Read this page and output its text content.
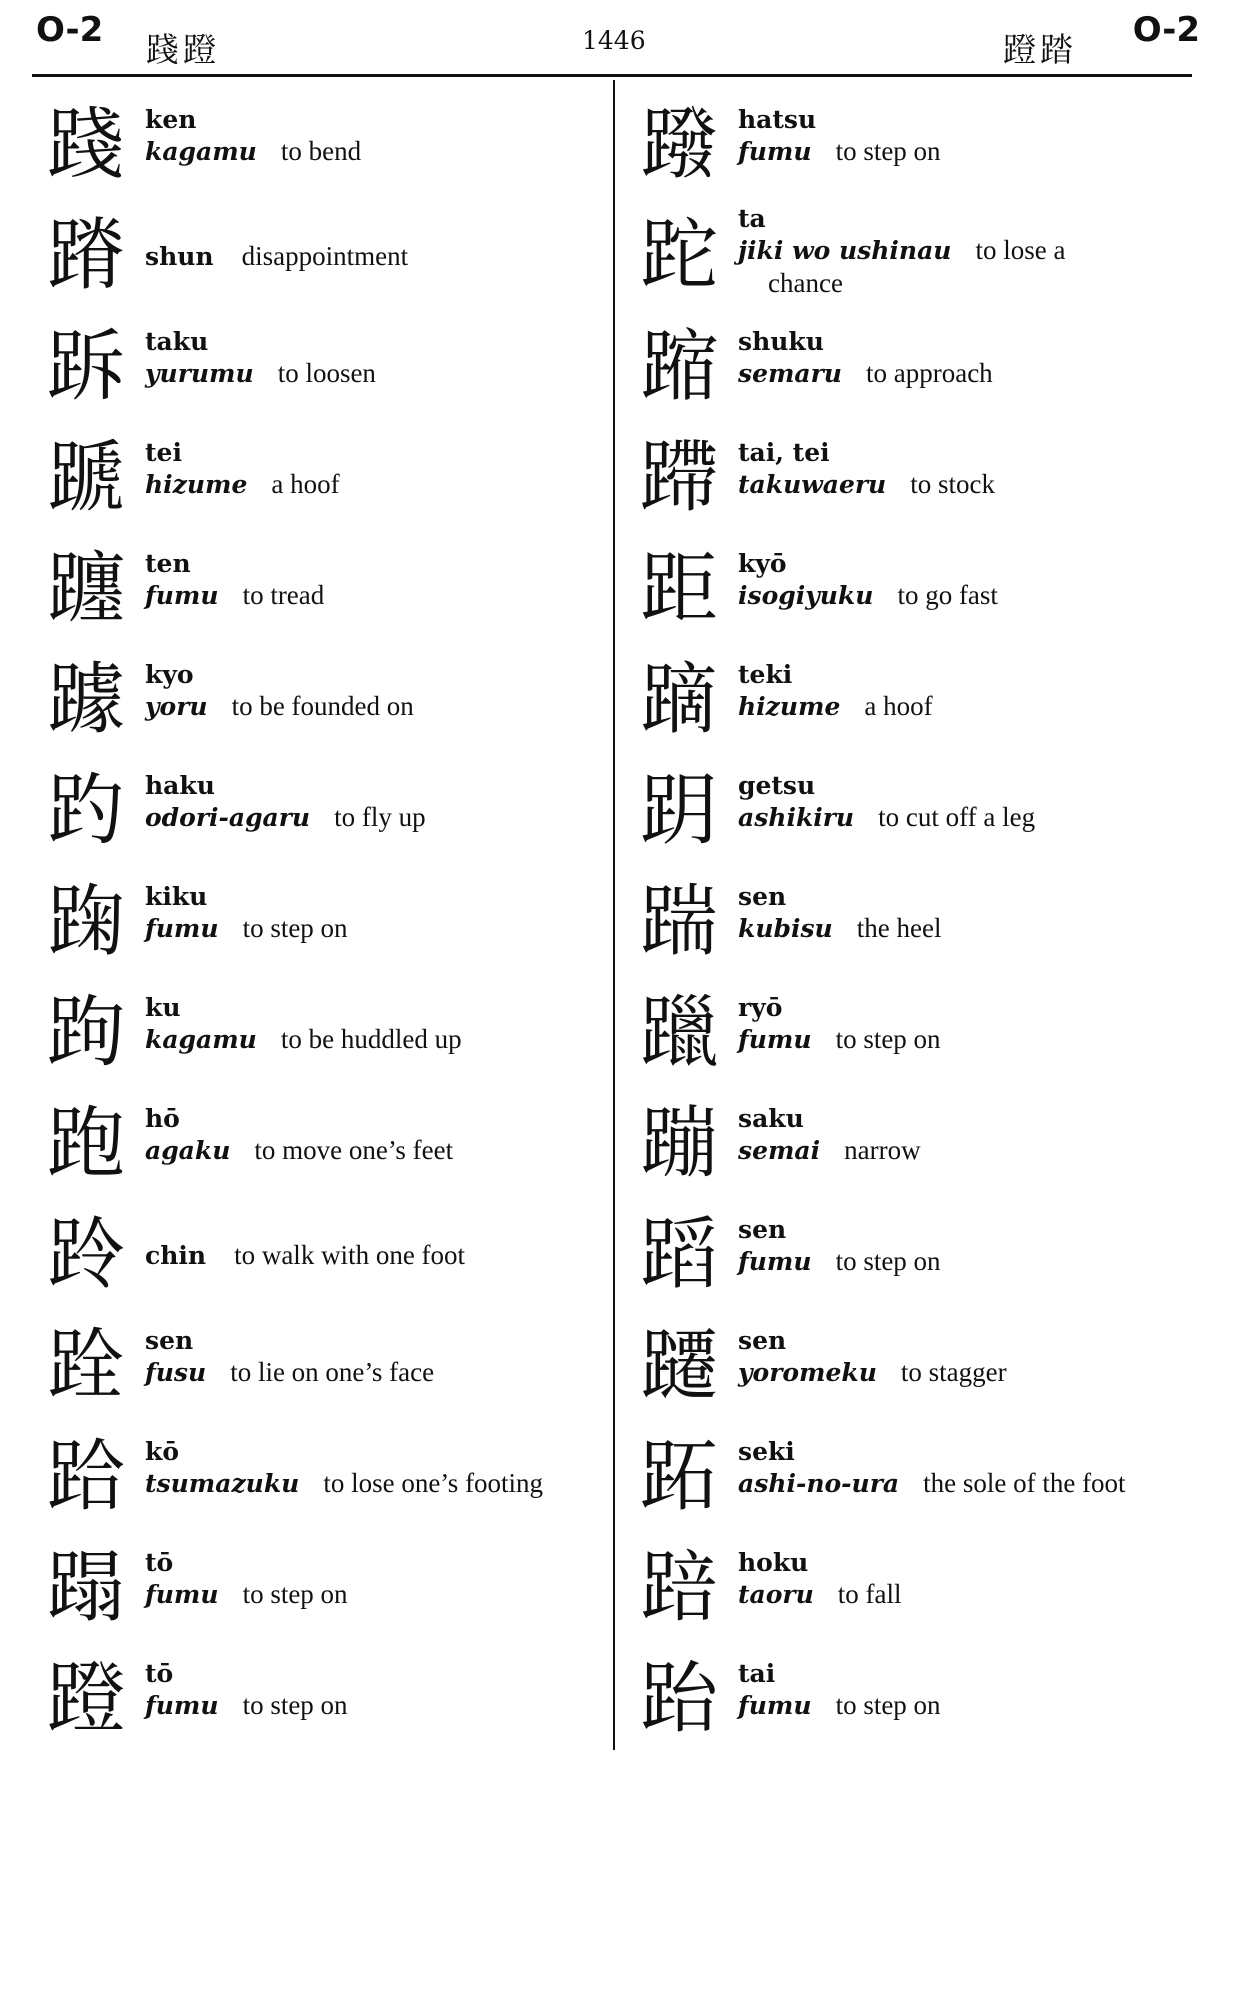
O-2 踐蹬	1446	蹬踏 O-2
踐 ken
kagamu to bend
蹐 shun disappointment
跅 taku
yurumu to loosen
蹏 tei
hizume a hoof
躔 ten
fumu to tread
躆 kyo
yoru to be founded on
趵 haku
odori-agaru to fly up
踘 kiku
fumu to step on
跔 ku
kagamu to be huddled up
跑 hō
agaku to move one’s feet
跉 chin to walk with one foot
跧 sen
fusu to lie on one’s face
跲 kō
tsumazuku to lose one’s footing
蹋 tō
fumu to step on
蹬 tō
fumu to step on
蹳 hatsu
fumu to step on
跎 ta
jiki wo ushinau to lose a
chance
蹜 shuku
semaru to approach
蹛 tai, tei
takuwaeru to stock
距 kyō
isogiyuku to go fast
蹢 teki
hizume a hoof
跀 getsu
ashikiru to cut off a leg
踹 sen
kubisu the heel
躐 ryō
fumu to step on
蹦 saku
semai narrow
蹈 sen
fumu to step on
躚 sen
yoromeku to stagger
跖 seki
ashi-no-ura the sole of the foot
踣 hoku
taoru to fall
跆 tai
fumu to step on
